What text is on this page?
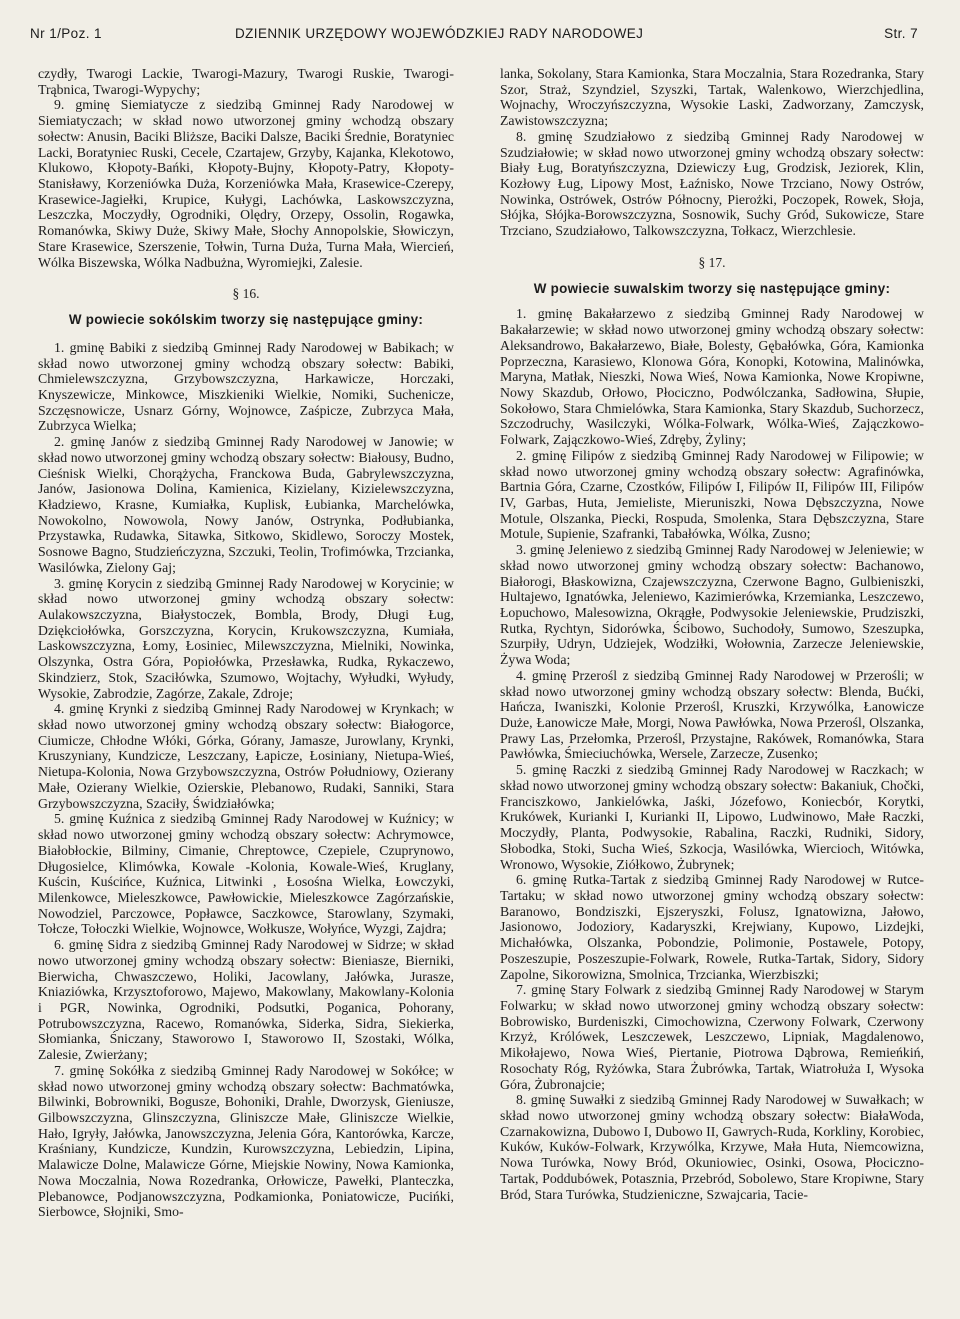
Nr 1/Poz. 1	DZIENNIK URZĘDOWY WOJEWÓDZKIEJ RADY NARODOWEJ	Str. 7

czydły, Twarogi Lackie, Twarogi-Mazury, Twarogi Ruskie, Twarogi-Trąbnica, Twarogi-Wypychy;

9. gminę Siemiatycze z siedzibą Gminnej Rady Narodowej w Siemiatyczach; w skład nowo utworzonej gminy wchodzą obszary sołectw: Anusin, Baciki Bliższe, Baciki Dalsze, Baciki Średnie, Boratyniec Lacki, Boratyniec Ruski, Cecele, Czartajew, Grzyby, Kajanka, Klekotowo, Klukowo, Kłopoty-Bańki, Kłopoty-Bujny, Kłopoty-Patry, Kłopoty-Stanisławy, Korzeniówka Duża, Korzeniówka Mała, Krasewice-Czerepy, Krasewice-Jagiełki, Krupice, Kułygi, Lachówka, Laskowszczyzna, Leszczka, Moczydły, Ogrodniki, Olędry, Orzepy, Ossolin, Rogawka, Romanówka, Skiwy Duże, Skiwy Małe, Słochy Annopolskie, Słowiczyn, Stare Krasewice, Szerszenie, Tołwin, Turna Duża, Turna Mała, Wiercień, Wólka Biszewska, Wólka Nadbużna, Wyromiejki, Zalesie.

§ 16.
W powiecie sokólskim tworzy się następujące gminy:

1. gminę Babiki z siedzibą Gminnej Rady Narodowej w Babikach; w skład nowo utworzonej gminy wchodzą obszary sołectw: Babiki, Chmielewszczyzna, Grzybowszczyzna, Harkawicze, Horczaki, Knyszewicze, Minkowce, Miszkieniki Wielkie, Nomiki, Suchenicze, Szczęsnowicze, Usnarz Górny, Wojnowce, Zaśpicze, Zubrzyca Mała, Zubrzyca Wielka;

2. gminę Janów z siedzibą Gminnej Rady Narodowej w Janowie; w skład nowo utworzonej gminy wchodzą obszary sołectw: Białousy, Budno, Cieśnisk Wielki, Chorążycha, Franckowa Buda, Gabrylewszczyzna, Janów, Jasionowa Dolina, Kamienica, Kizielany, Kizielewszczyzna, Kładziewo, Krasne, Kumiałka, Kuplisk, Łubianka, Marchelówka, Nowokolno, Nowowola, Nowy Janów, Ostrynka, Podłubianka, Przystawka, Rudawka, Sitawka, Sitkowo, Skidlewo, Soroczy Mostek, Sosnowe Bagno, Studzieńczyzna, Szczuki, Teolin, Trofimówka, Trzcianka, Wasilówka, Zielony Gaj;

3. gminę Korycin z siedzibą Gminnej Rady Narodowej w Korycinie; w skład nowo utworzonej gminy wchodzą obszary sołectw: Aulakowszczyzna, Białystoczek, Bombla, Brody, Długi Ług, Dziękciołówka, Gorszczyzna, Korycin, Krukowszczyzna, Kumiała, Laskowszczyzna, Łomy, Łosiniec, Milewszczyzna, Mielniki, Nowinka, Olszynka, Ostra Góra, Popiołówka, Przesławka, Rudka, Rykaczewo, Skindzierz, Stok, Szaciłówka, Szumowo, Wojtachy, Wyłudki, Wyłudy, Wysokie, Zabrodzie, Zagórze, Zakale, Zdroje;

4. gminę Krynki z siedzibą Gminnej Rady Narodowej w Krynkach; w skład nowo utworzonej gminy wchodzą obszary sołectw: Białogorce, Ciumicze, Chłodne Włóki, Górka, Górany, Jamasze, Jurowlany, Krynki, Kruszyniany, Kundzicze, Leszczany, Łapicze, Łosiniany, Nietupa-Wieś, Nietupa-Kolonia, Nowa Grzybowszczyzna, Ostrów Południowy, Ozierany Małe, Ozierany Wielkie, Ozierskie, Plebanowo, Rudaki, Sanniki, Stara Grzybowszczyzna, Szaciły, Świdziałówka;

5. gminę Kuźnica z siedzibą Gminnej Rady Narodowej w Kuźnicy; w skład nowo utworzonej gminy wchodzą obszary sołectw: Achrymowce, Białobłockie, Bilminy, Cimanie, Chreptowce, Czepiele, Czuprynowo, Długosielce, Klimówka, Kowale -Kolonia, Kowale-Wieś, Kruglany, Kuścin, Kuścińce, Kuźnica, Litwinki , Łosośna Wielka, Łowczyki, Milenkowce, Mieleszkowce, Pawłowickie, Mieleszkowce Zagórzańskie, Nowodziel, Parczowce, Popławce, Saczkowce, Starowlany, Szymaki, Tołcze, Tołoczki Wielkie, Wojnowce, Wołkusze, Wołyńce, Wyzgi, Zajdra;

6. gminę Sidra z siedzibą Gminnej Rady Narodowej w Sidrze; w skład nowo utworzonej gminy wchodzą obszary sołectw: Bieniasze, Bierniki, Bierwicha, Chwaszczewo, Holiki, Jacowlany, Jałówka, Jurasze, Kniaziówka, Krzysztoforowo, Majewo, Makowlany, Makowlany-Kolonia i PGR, Nowinka, Ogrodniki, Podsutki, Poganica, Pohorany, Potrubowszczyzna, Racewo, Romanówka, Siderka, Sidra, Siekierka, Słomianka, Śniczany, Staworowo I, Staworowo II, Szostaki, Wólka, Zalesie, Zwierżany;

7. gminę Sokółka z siedzibą Gminnej Rady Narodowej w Sokółce; w skład nowo utworzonej gminy wchodzą obszary sołectw: Bachmatówka, Bilwinki, Bobrowniki, Bogusze, Bohoniki, Drahle, Dworzysk, Gieniusze, Gilbowszczyzna, Glinszczyzna, Gliniszcze Małe, Gliniszcze Wielkie, Hało, Igryły, Jałówka, Janowszczyzna, Jelenia Góra, Kantorówka, Karcze, Kraśniany, Kundzicze, Kundzin, Kurowszczyzna, Lebiedzin, Lipina, Malawicze Dolne, Malawicze Górne, Miejskie Nowiny, Nowa Kamionka, Nowa Moczalnia, Nowa Rozedranka, Orłowicze, Pawełki, Planteczka, Plebanowce, Podjanowszczyzna, Podkamionka, Poniatowicze, Pucińki, Sierbowce, Słojniki, Smo-

lanka, Sokolany, Stara Kamionka, Stara Moczalnia, Stara Rozedranka, Stary Szor, Straż, Szyndziel, Szyszki, Tartak, Walenkowo, Wierzchjedlina, Wojnachy, Wroczyńszczyzna, Wysokie Laski, Zadworzany, Zamczysk, Zawistowszczyzna;

8. gminę Szudziałowo z siedzibą Gminnej Rady Narodowej w Szudziałowie; w skład nowo utworzonej gminy wchodzą obszary sołectw: Biały Ług, Boratyńszczyzna, Dziewiczy Ług, Grodzisk, Jeziorek, Klin, Kozłowy Ług, Lipowy Most, Łaźnisko, Nowe Trzciano, Nowy Ostrów, Nowinka, Ostrówek, Ostrów Północny, Pierożki, Poczopek, Rowek, Słoja, Słójka, Słójka-Borowszczyzna, Sosnowik, Suchy Gród, Sukowicze, Stare Trzciano, Szudziałowo, Talkowszczyzna, Tołkacz, Wierzchlesie.

§ 17.
W powiecie suwalskim tworzy się następujące gminy:

1. gminę Bakałarzewo z siedzibą Gminnej Rady Narodowej w Bakałarzewie; w skład nowo utworzonej gminy wchodzą obszary sołectw: Aleksandrowo, Bakałarzewo, Białe, Bolesty, Gębałówka, Góra, Kamionka Poprzeczna, Karasiewo, Klonowa Góra, Konopki, Kotowina, Malinówka, Maryna, Matłak, Nieszki, Nowa Wieś, Nowa Kamionka, Nowe Kropiwne, Nowy Skazdub, Orłowo, Płociczno, Podwólczanka, Sadłowina, Słupie, Sokołowo, Stara Chmielówka, Stara Kamionka, Stary Skazdub, Suchorzecz, Szczodruchy, Wasilczyki, Wólka-Folwark, Wólka-Wieś, Zajączkowo-Folwark, Zajączkowo-Wieś, Zdręby, Żyliny;

2. gminę Filipów z siedzibą Gminnej Rady Narodowej w Filipowie; w skład nowo utworzonej gminy wchodzą obszary sołectw: Agrafinówka, Bartnia Góra, Czarne, Czostków, Filipów I, Filipów II, Filipów III, Filipów IV, Garbas, Huta, Jemieliste, Mieruniszki, Nowa Dębszczyzna, Nowe Motule, Olszanka, Piecki, Rospuda, Smolenka, Stara Dębszczyzna, Stare Motule, Supienie, Szafranki, Tabałówka, Wólka, Zusno;

3. gminę Jeleniewo z siedzibą Gminnej Rady Narodowej w Jeleniewie; w skład nowo utworzonej gminy wchodzą obszary sołectw: Bachanowo, Białorogi, Błaskowizna, Czajewszczyzna, Czerwone Bagno, Gulbieniszki, Hultajewo, Ignatówka, Jeleniewo, Kazimierówka, Krzemianka, Leszczewo, Łopuchowo, Malesowizna, Okrągłe, Podwysokie Jeleniewskie, Prudziszki, Rutka, Rychtyn, Sidorówka, Ścibowo, Suchodoły, Sumowo, Szeszupka, Szurpiły, Udryn, Udziejek, Wodziłki, Wołownia, Zarzecze Jeleniewskie, Żywa Woda;

4. gminę Przerośl z siedzibą Gminnej Rady Narodowej w Przerośli; w skład nowo utworzonej gminy wchodzą obszary sołectw: Blenda, Bućki, Hańcza, Iwaniszki, Kolonie Przerośl, Kruszki, Krzywólka, Łanowicze Duże, Łanowicze Małe, Morgi, Nowa Pawłówka, Nowa Przerośl, Olszanka, Prawy Las, Przełomka, Przerośl, Przystajne, Rakówek, Romanówka, Stara Pawłówka, Śmieciuchówka, Wersele, Zarzecze, Zusenko;

5. gminę Raczki z siedzibą Gminnej Rady Narodowej w Raczkach; w skład nowo utworzonej gminy wchodzą obszary sołectw: Bakaniuk, Chočki, Franciszkowo, Jankielówka, Jaśki, Józefowo, Koniecbór, Korytki, Krukówek, Kurianki I, Kurianki II, Lipowo, Ludwinowo, Małe Raczki, Moczydły, Planta, Podwysokie, Rabalina, Raczki, Rudniki, Sidory, Słobodka, Stoki, Sucha Wieś, Szkocja, Wasilówka, Wiercioch, Witówka, Wronowo, Wysokie, Ziółkowo, Żubrynek;

6. gminę Rutka-Tartak z siedzibą Gminnej Rady Narodowej w Rutce-Tartaku; w skład nowo utworzonej gminy wchodzą obszary sołectw: Baranowo, Bondziszki, Ejszeryszki, Folusz, Ignatowizna, Jałowo, Jasionowo, Jodoziory, Kadaryszki, Krejwiany, Kupowo, Lizdejki, Michałówka, Olszanka, Pobondzie, Polimonie, Postawele, Potopy, Poszeszupie, Poszeszupie-Folwark, Rowele, Rutka-Tartak, Sidory, Sidory Zapolne, Sikorowizna, Smolnica, Trzcianka, Wierzbiszki;

7. gminę Stary Folwark z siedzibą Gminnej Rady Narodowej w Starym Folwarku; w skład nowo utworzonej gminy wchodzą obszary sołectw: Bobrowisko, Burdeniszki, Cimochowizna, Czerwony Folwark, Czerwony Krzyż, Królówek, Leszczewek, Leszczewo, Lipniak, Magdalenowo, Mikołajewo, Nowa Wieś, Piertanie, Piotrowa Dąbrowa, Remieńkiń, Rosochaty Róg, Ryżówka, Stara Żubrówka, Tartak, Wiatrołuża I, Wysoka Góra, Żubronajcie;

8. gminę Suwałki z siedzibą Gminnej Rady Narodowej w Suwałkach; w skład nowo utworzonej gminy wchodzą obszary sołectw: BiałaWoda, Czarnakowizna, Dubowo I, Dubowo II, Gawrych-Ruda, Korkliny, Korobiec, Kuków, Kuków-Folwark, Krzywólka, Krzywe, Mała Huta, Niemcowizna, Nowa Turówka, Nowy Bród, Okuniowiec, Osinki, Osowa, Płociczno-Tartak, Poddubówek, Potasznia, Przebród, Sobolewo, Stare Kropiwne, Stary Bród, Stara Turówka, Studzieniczne, Szwajcaria, Tacie-
